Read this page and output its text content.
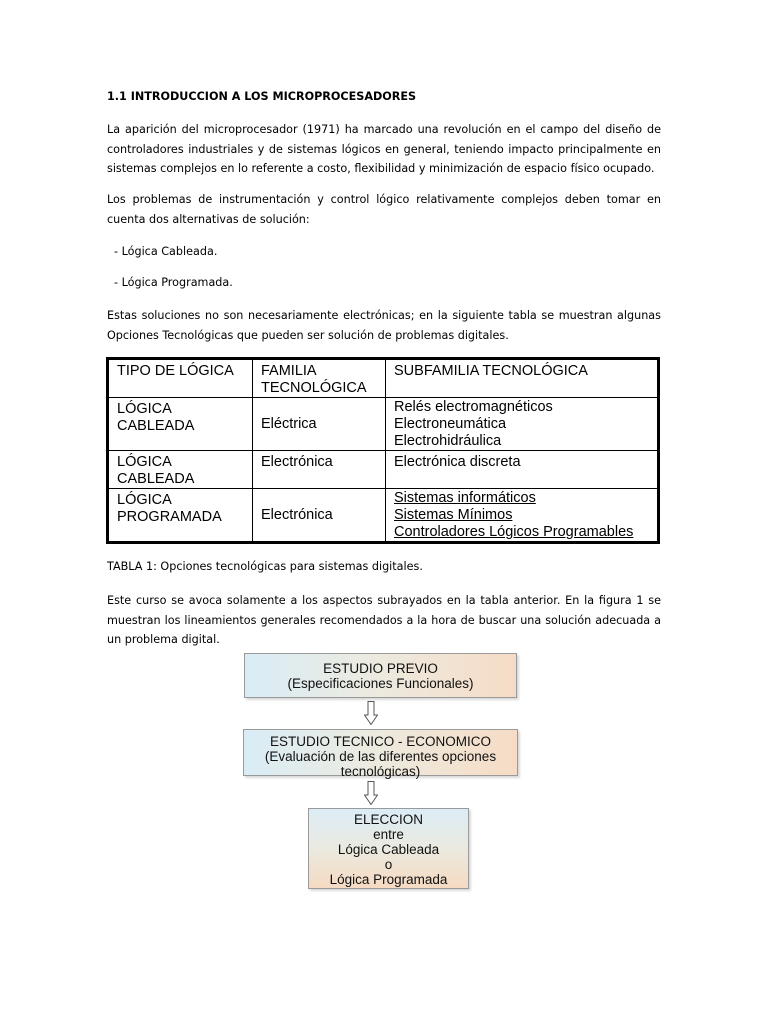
1.1 INTRODUCCION A LOS MICROPROCESADORES
La aparición del microprocesador (1971) ha marcado una revolución en el campo del diseño de controladores industriales y de sistemas lógicos en general, teniendo impacto principalmente en sistemas complejos en lo referente a costo, flexibilidad y minimización de espacio físico ocupado.
Los problemas de instrumentación y control lógico relativamente complejos deben tomar en cuenta dos alternativas de solución:
- Lógica Cableada.
- Lógica Programada.
Estas soluciones no son necesariamente electrónicas; en la siguiente tabla se muestran algunas Opciones Tecnológicas que pueden ser solución de problemas digitales.
TIPO DE LÓGICA	FAMILIA TECNOLÓGICA	SUBFAMILIA TECNOLÓGICA
LÓGICA CABLEADA	Eléctrica	Relés electromagnéticos
Electroneumática
Electrohidráulica

LÓGICA CABLEADA	Electrónica	Electrónica discreta

LÓGICA PROGRAMADA	Electrónica	Sistemas informáticos
Sistemas Mínimos
Controladores Lógicos Programables
TABLA 1: Opciones tecnológicas para sistemas digitales.
Este curso se avoca solamente a los aspectos subrayados en la tabla anterior. En la figura 1 se muestran los lineamientos generales recomendados a la hora de buscar una solución adecuada a un problema digital.
ESTUDIO PREVIO
(Especificaciones Funcionales)
ESTUDIO TECNICO - ECONOMICO
(Evaluación de las diferentes opciones
tecnológicas)
ELECCION
entre
Lógica Cableada
o
Lógica Programada
